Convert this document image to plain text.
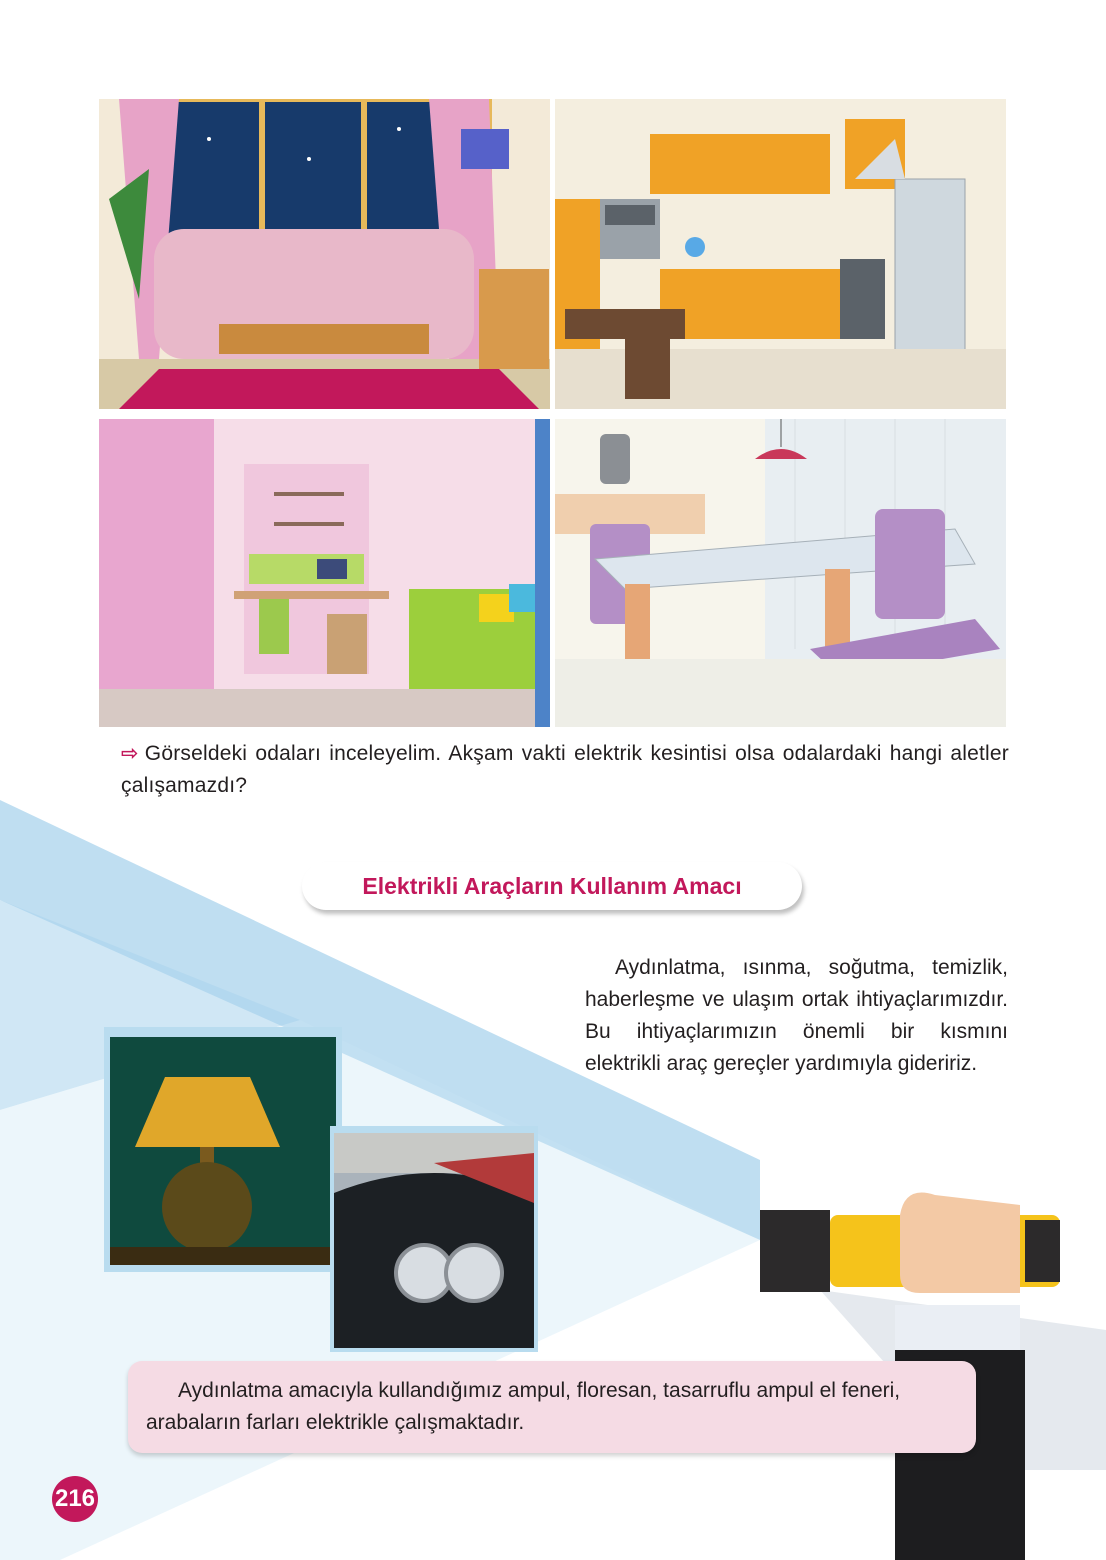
⇨ Görseldeki odaları inceleyelim. Akşam vakti elektrik kesintisi olsa odalardaki hangi aletler çalışamazdı?
Elektrikli Araçların Kullanım Amacı

Aydınlatma, ısınma, soğutma, temizlik, haberleşme ve ulaşım ortak ihtiyaçlarımızdır. Bu ihtiyaçlarımızın önemli bir kısmını elektrikli araç gereçler yardımıyla gideririz.

Aydınlatma amacıyla kullandığımız ampul, floresan, tasarruflu ampul el feneri, arabaların farları elektrikle çalışmaktadır.

216
